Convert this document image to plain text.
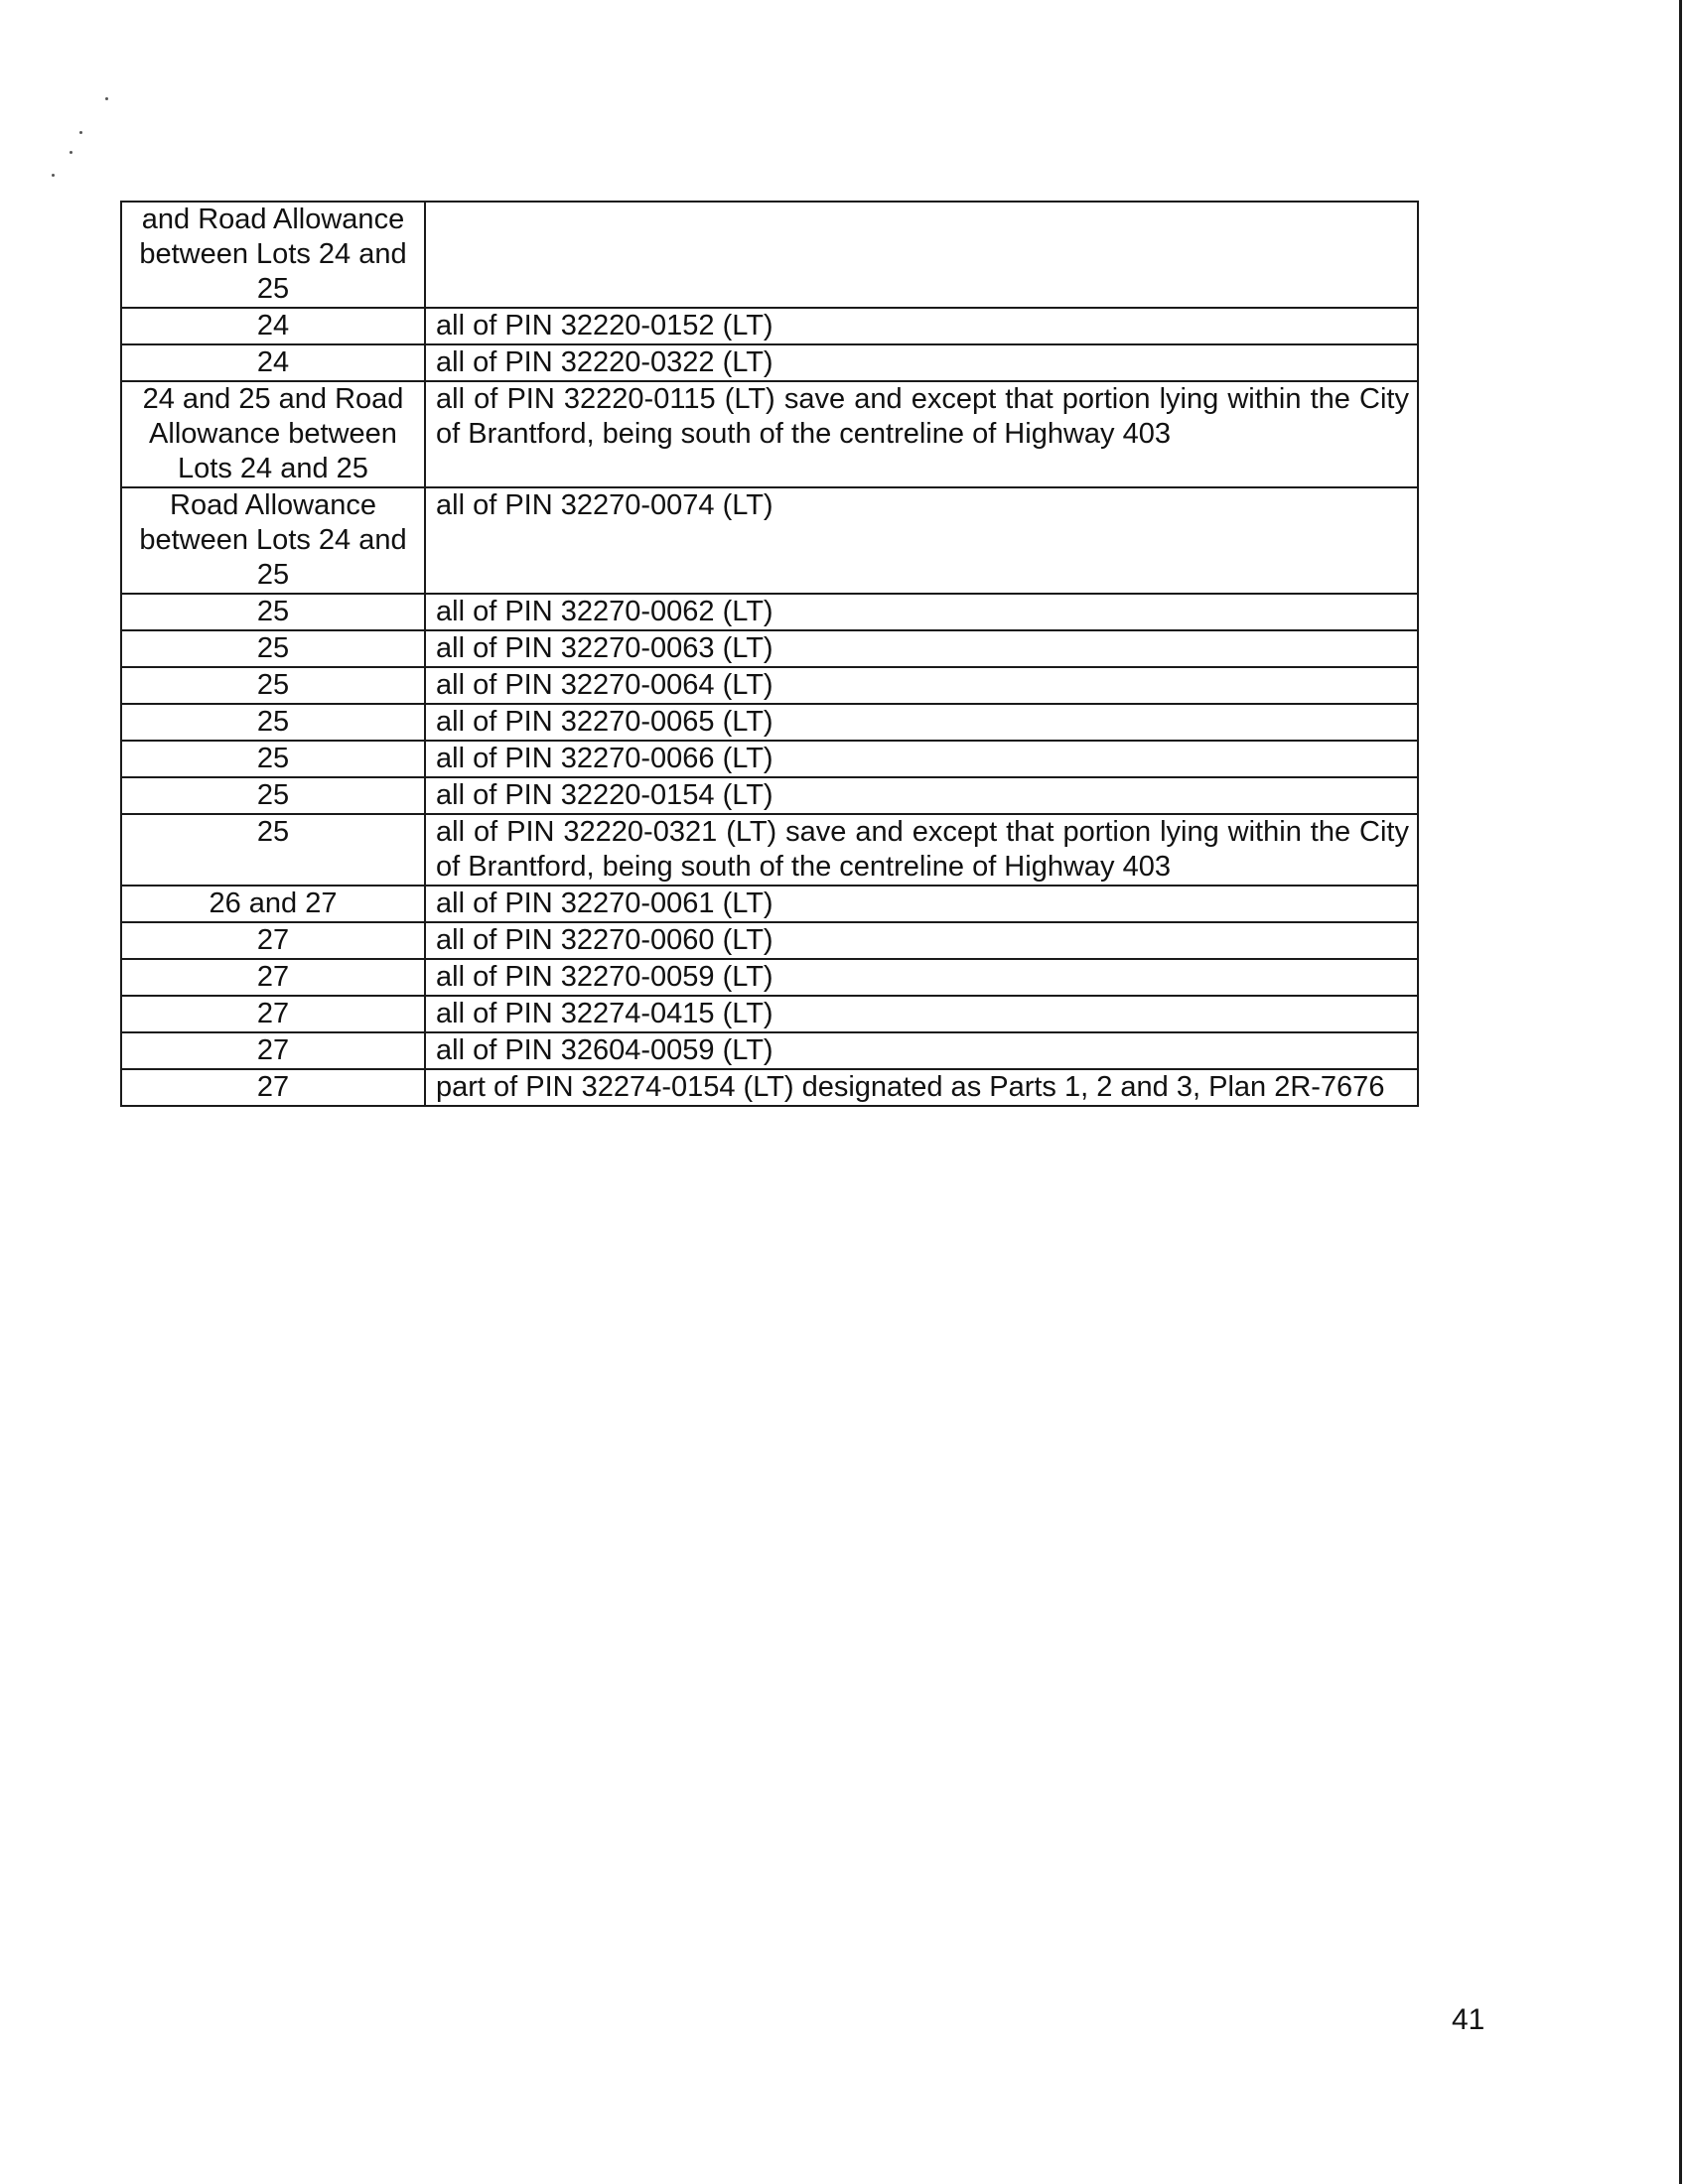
and Road Allowance between Lots 24 and 25	
24	all of PIN 32220-0152 (LT)
24	all of PIN 32220-0322 (LT)
24 and 25 and Road Allowance between Lots 24 and 25	all of PIN 32220-0115 (LT) save and except that portion lying within the City of Brantford, being south of the centreline of Highway 403
Road Allowance between Lots 24 and 25	all of PIN 32270-0074 (LT)
25	all of PIN 32270-0062 (LT)
25	all of PIN 32270-0063 (LT)
25	all of PIN 32270-0064 (LT)
25	all of PIN 32270-0065 (LT)
25	all of PIN 32270-0066 (LT)
25	all of PIN 32220-0154 (LT)
25	all of PIN 32220-0321 (LT) save and except that portion lying within the City of Brantford, being south of the centreline of Highway 403
26 and 27	all of PIN 32270-0061 (LT)
27	all of PIN 32270-0060 (LT)
27	all of PIN 32270-0059 (LT)
27	all of PIN 32274-0415 (LT)
27	all of PIN 32604-0059 (LT)
27	part of PIN 32274-0154 (LT) designated as Parts 1, 2 and 3, Plan 2R-7676
41
